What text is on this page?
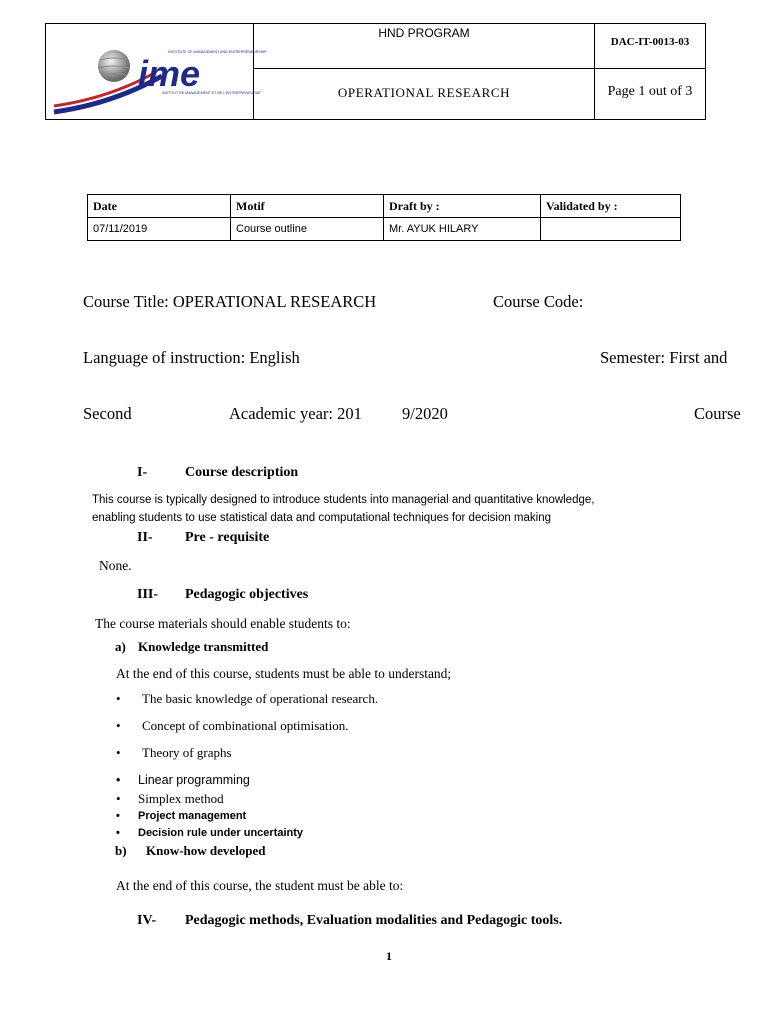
ime
INSTITUTE OF MANAGEMENT AND ENTREPRENEURSHIP
INSTITUT DE MANAGEMENT ET DE L'ENTREPRENEURIAT
HND PROGRAM
DAC-IT-0013-03
OPERATIONAL RESEARCH	Page 1 out of 3
Date	Motif	Draft by :	Validated by :
07/11/2019	Course outline	Mr. AYUK HILARY	
Course Title: OPERATIONAL RESEARCH	Course Code:
Language of instruction: English	Semester: First and
Second	Academic year: 201 9/2020	Course
I-	Course description
This course is typically designed to introduce students into managerial and quantitative knowledge,
enabling students to use statistical data and computational techniques for decision making
II- Pre - requisite
None.
III- Pedagogic objectives
The course materials should enable students to:
a) Knowledge transmitted
At the end of this course, students must be able to understand;
• The basic knowledge of operational research.
• Concept of combinational optimisation.
• Theory of graphs
• Linear programming
• Simplex method
• Project management
• Decision rule under uncertainty
b) Know-how developed
At the end of this course, the student must be able to:
IV- Pedagogic methods, Evaluation modalities and Pedagogic tools.
1
